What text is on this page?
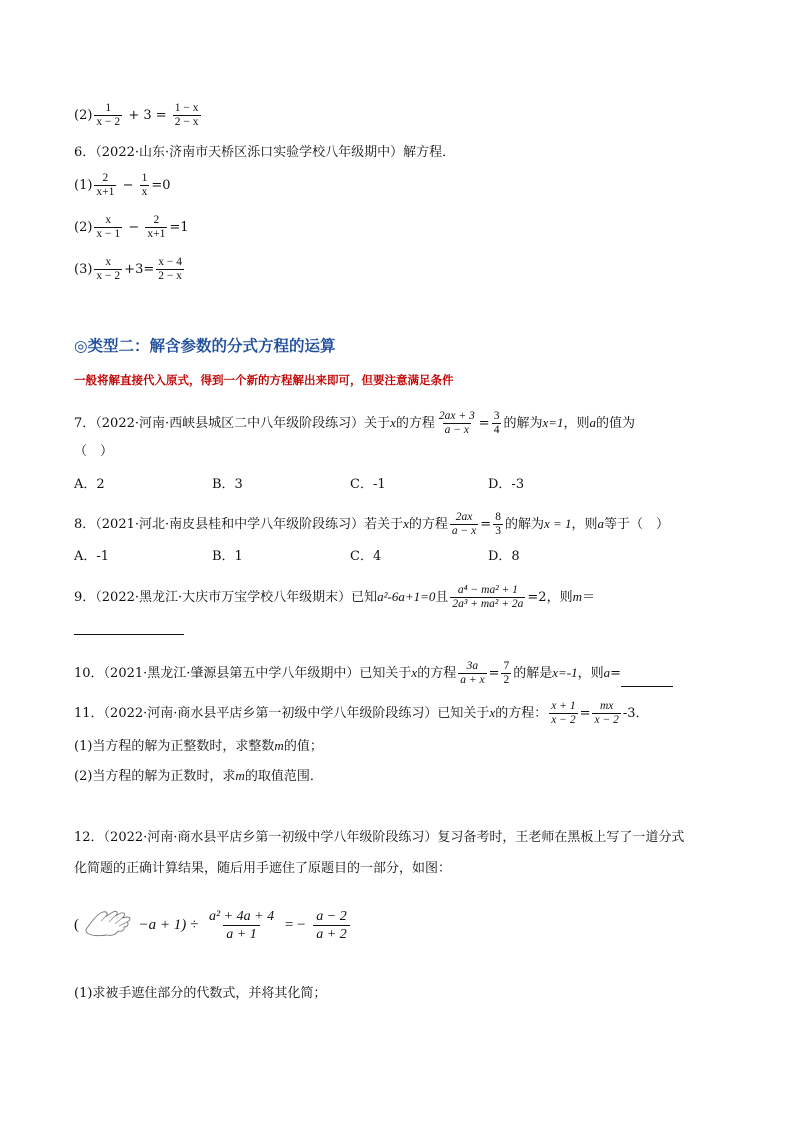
$(2) \frac{1}{x - 2} + 3 = \frac{1 - x}{2 - x}$
6．（2022·山东·济南市天桥区泺口实验学校八年级期中）解方程．
$(1) \frac{2}{x+1} - \frac{1}{x} =0$
$(2) \frac{x}{x - 1} - \frac{2}{x+1} =1$
$(3) \frac{x}{x - 2} +3= \frac{x - 4}{2 - x}$
◎类型二：解含参数的分式方程的运算
一般将解直接代入原式，得到一个新的方程解出来即可，但要注意满足条件
7．（2022·河南·西峡县城区二中八年级阶段练习）关于x的方程 $\frac{2ax + 3}{a - x} = \frac{3}{4}$ 的解为x=1，则a的值为
（　）
A．2	B．3	C．-1	D．-3
8．（2021·河北·南皮县桂和中学八年级阶段练习）若关于x的方程 $\frac{2ax}{a - x} = \frac{8}{3}$ 的解为x = 1，则a等于（　）
A．-1	B．1	C．4	D．8
9．（2022·黑龙江·大庆市万宝学校八年级期末）已知a²-6a+1=0且 $\frac{\text{a⁴ − ma² + 1}}{\text{2a³ + ma² + 2a}} =2$，则m＝
10．（2021·黑龙江·肇源县第五中学八年级期中）已知关于x的方程 $\frac{3a}{a + x} = \frac{7}{2}$ 的解是x=-1，则a=
11．（2022·河南·商水县平店乡第一初级中学八年级阶段练习）已知关于x的方程： $\frac{x + 1}{x - 2} = \frac{mx}{x - 2} -3$．
(1)当方程的解为正整数时，求整数m的值；
(2)当方程的解为正数时，求m的取值范围．
12．（2022·河南·商水县平店乡第一初级中学八年级阶段练习）复习备考时，王老师在黑板上写了一道分式
化简题的正确计算结果，随后用手遮住了原题目的一部分，如图：
(	$-a + 1) \div \frac{\text{a² + 4a + 4}}{a + 1}$ = − $\frac{a - 2}{a + 2}$
(1)求被手遮住部分的代数式，并将其化简；
